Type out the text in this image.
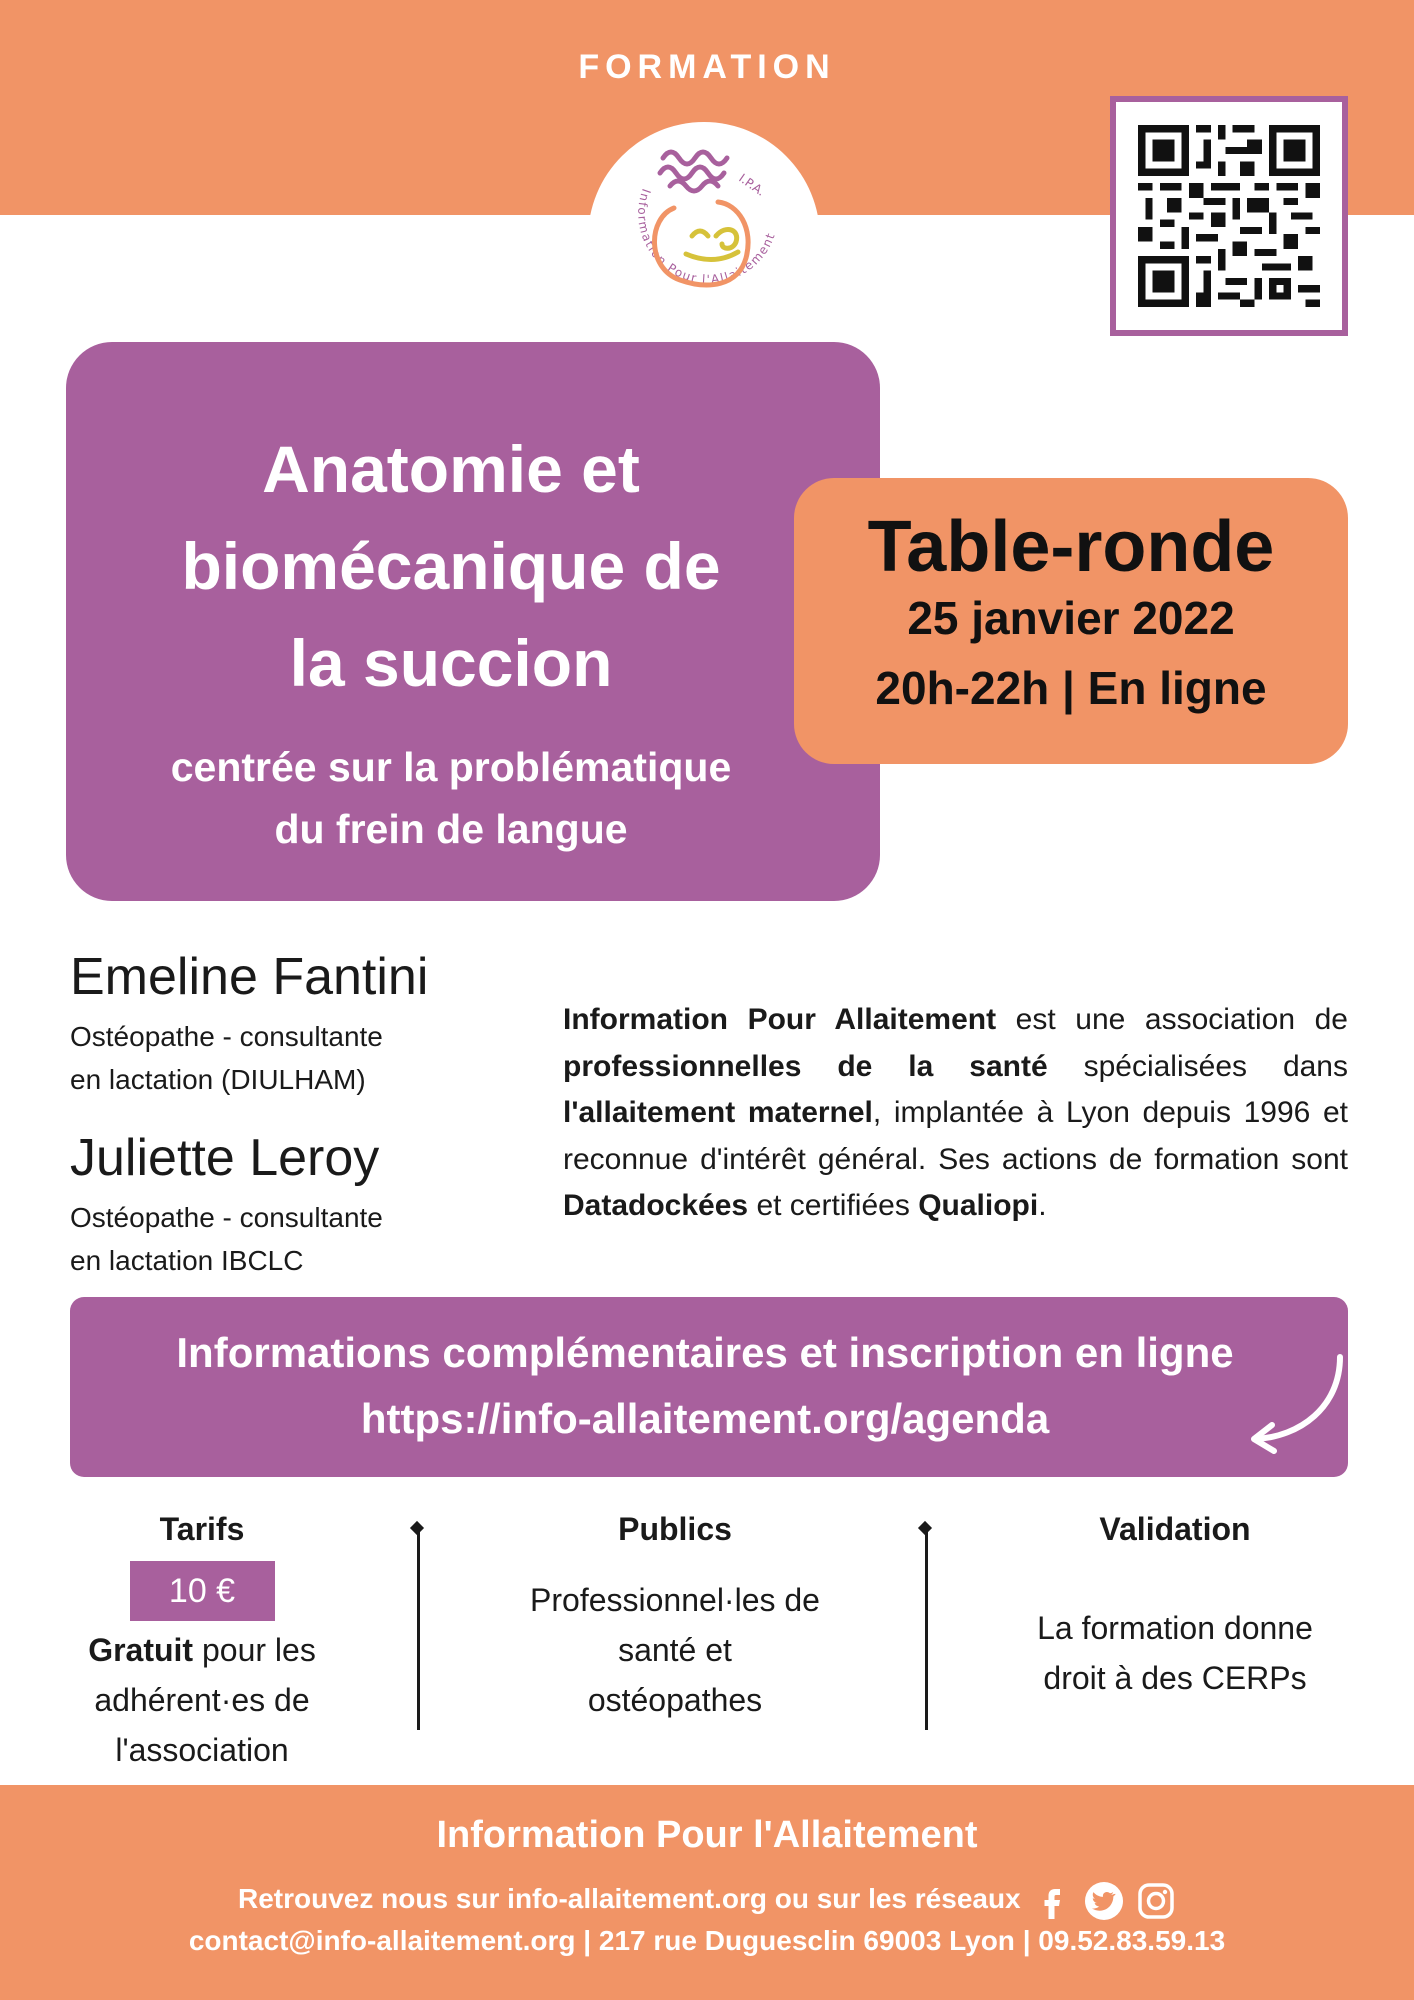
FORMATION
Information Pour l'Allaitement
I.P.A.
Anatomie et
biomécanique de
la succion
centrée sur la problématique
du frein de langue
Table-ronde
25 janvier 2022
20h-22h | En ligne
Emeline Fantini
Ostéopathe - consultante
en lactation (DIULHAM)
Juliette Leroy
Ostéopathe - consultante
en lactation IBCLC
Information Pour Allaitement est une association de professionnelles de la santé spécialisées dans l'allaitement maternel, implantée à Lyon depuis 1996 et reconnue d'intérêt général. Ses actions de formation sont Datadockées et certifiées Qualiopi.
Informations complémentaires et inscription en ligne
https://info-allaitement.org/agenda
Tarifs
10 €
Gratuit pour les
adhérent·es de
l'association
Publics
Professionnel·les de
santé et
ostéopathes
Validation
La formation donne
droit à des CERPs
Information Pour l'Allaitement
Retrouvez nous sur info-allaitement.org ou sur les réseaux

contact@info-allaitement.org | 217 rue Duguesclin 69003 Lyon | 09.52.83.59.13
